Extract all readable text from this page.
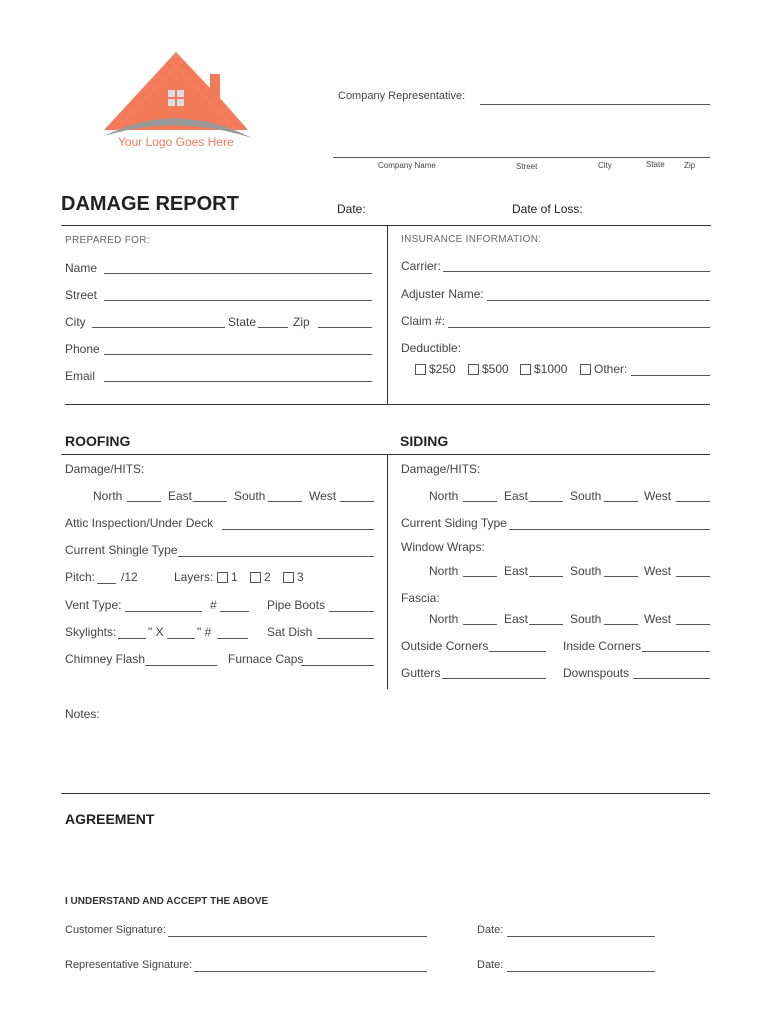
Your Logo Goes Here
Company Representative:
Company Name	Street	City	State Zip
DAMAGE REPORT	Date:	Date of Loss:
PREPARED FOR:
Name
Street
City	State	Zip
Phone
Email
INSURANCE INFORMATION:
Carrier:
Adjuster Name:
Claim #:
Deductible:
$250 $500 $1000 Other:
ROOFING	SIDING
Damage/HITS:
North	East	South	West
Attic Inspection/Under Deck
Current Shingle Type
Pitch: /12	Layers: 1 2 3
Vent Type:	#	Pipe Boots
Skylights:	" X	" #	Sat Dish
Chimney Flash	Furnace Caps
Damage/HITS:
North	East	South	West
Current Siding Type
Window Wraps:
North	East	South	West
Fascia:
North	East	South	West
Outside Corners	Inside Corners
Gutters	Downspouts
Notes:
AGREEMENT
I UNDERSTAND AND ACCEPT THE ABOVE
Customer Signature:	Date:
Representative Signature:	Date:
